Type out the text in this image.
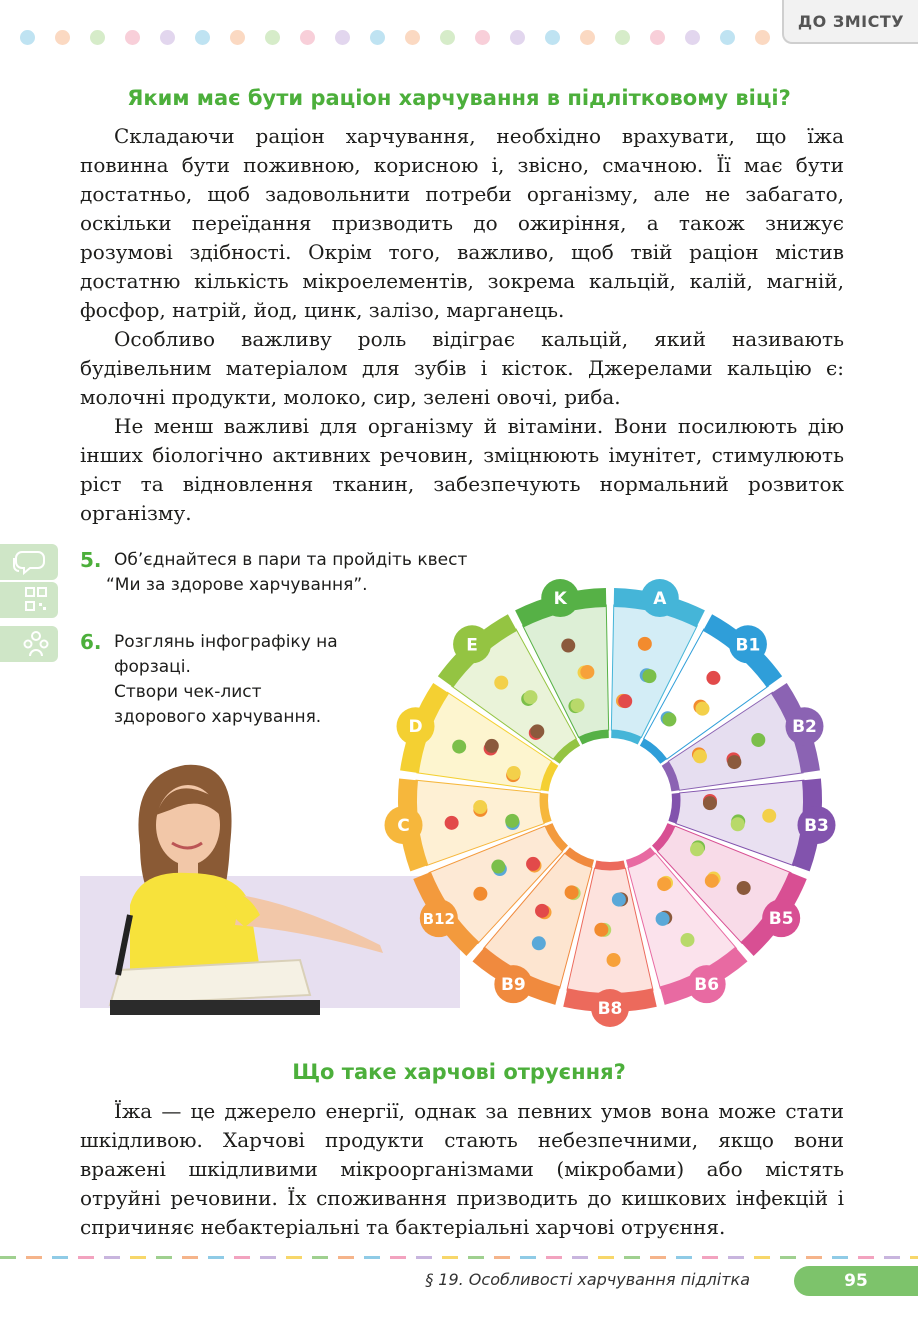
ДО ЗМІСТУ
Яким має бути раціон харчування в підлітковому віці?

Складаючи раціон харчування, необхідно врахувати, що їжа повинна бути поживною, корисною і, звісно, смачною. Її має бути достатньо, щоб задовольнити потреби організму, але не забагато, оскільки переїдання призводить до ожиріння, а також знижує розумові здібності. Окрім того, важливо, щоб твій раціон містив достатню кількість мікроелементів, зокрема кальцій, калій, магній, фосфор, натрій, йод, цинк, залізо, марганець.

Особливо важливу роль відіграє кальцій, який називають будівельним матеріалом для зубів і кісток. Джерелами кальцію є: молочні продукти, молоко, сир, зелені овочі, риба.

Не менш важливі для організму й вітаміни. Вони посилюють дію інших біологічно активних речовин, зміцнюють імунітет, стимулюють ріст та відновлення тканин, забезпечують нормальний розвиток організму.

5. Об’єднайтеся в пари та пройдіть квест
“Ми за здорове харчування”.
6. Розглянь інфографіку на
форзаці.
Створи чек-лист
здорового харчування.
A
B1
B2
B3
B5
B6
B8
B9
B12
C
D
E
K
Що таке харчові отруєння?

Їжа — це джерело енергії, однак за певних умов вона може стати шкідливою. Харчові продукти стають небезпечними, якщо вони вражені шкідливими мікроорганізмами (мікробами) або містять отруйні речовини. Їх споживання призводить до кишкових інфекцій і спричиняє небактеріальні та бактеріальні харчові отруєння.

§ 19. Особливості харчування підлітка	95
